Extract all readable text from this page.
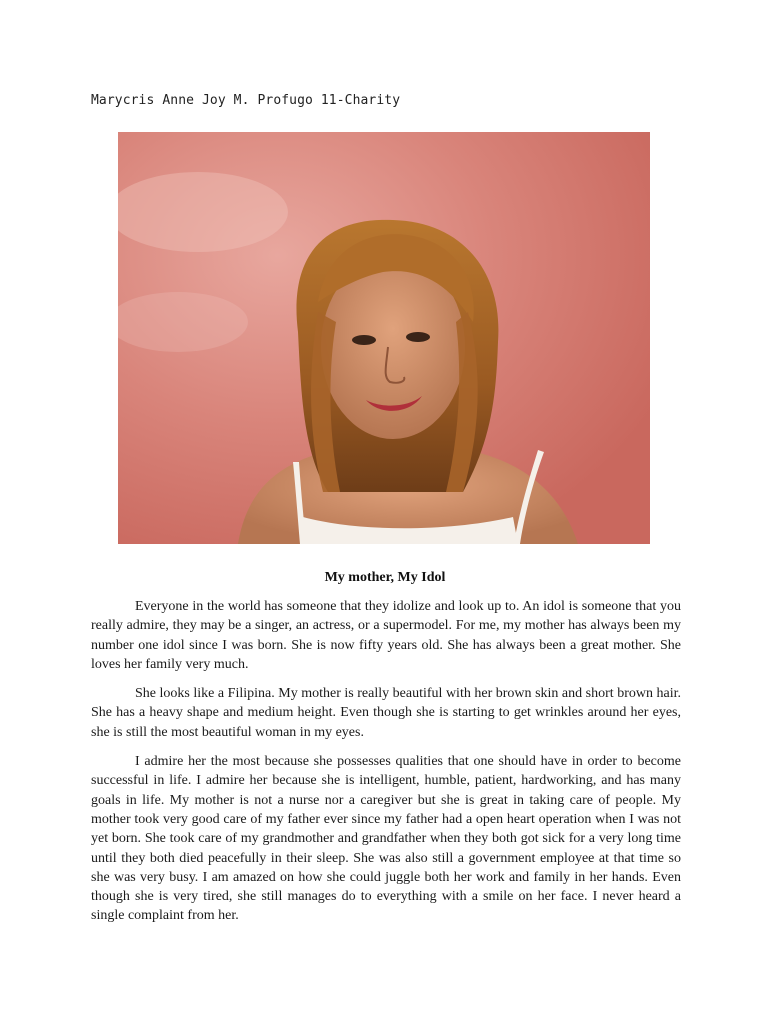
Marycris Anne Joy M. Profugo 11-Charity
My mother, My Idol

Everyone in the world has someone that they idolize and look up to. An idol is someone that you really admire, they may be a singer, an actress, or a supermodel. For me, my mother has always been my number one idol since I was born. She is now fifty years old. She has always been a great mother. She loves her family very much.

She looks like a Filipina. My mother is really beautiful with her brown skin and short brown hair. She has a heavy shape and medium height. Even though she is starting to get wrinkles around her eyes, she is still the most beautiful woman in my eyes.

I admire her the most because she possesses qualities that one should have in order to become successful in life. I admire her because she is intelligent, humble, patient, hardworking, and has many goals in life. My mother is not a nurse nor a caregiver but she is great in taking care of people. My mother took very good care of my father ever since my father had a open heart operation when I was not yet born. She took care of my grandmother and grandfather when they both got sick for a very long time until they both died peacefully in their sleep. She was also still a government employee at that time so she was very busy. I am amazed on how she could juggle both her work and family in her hands. Even though she is very tired, she still manages do to everything with a smile on her face. I never heard a single complaint from her.
